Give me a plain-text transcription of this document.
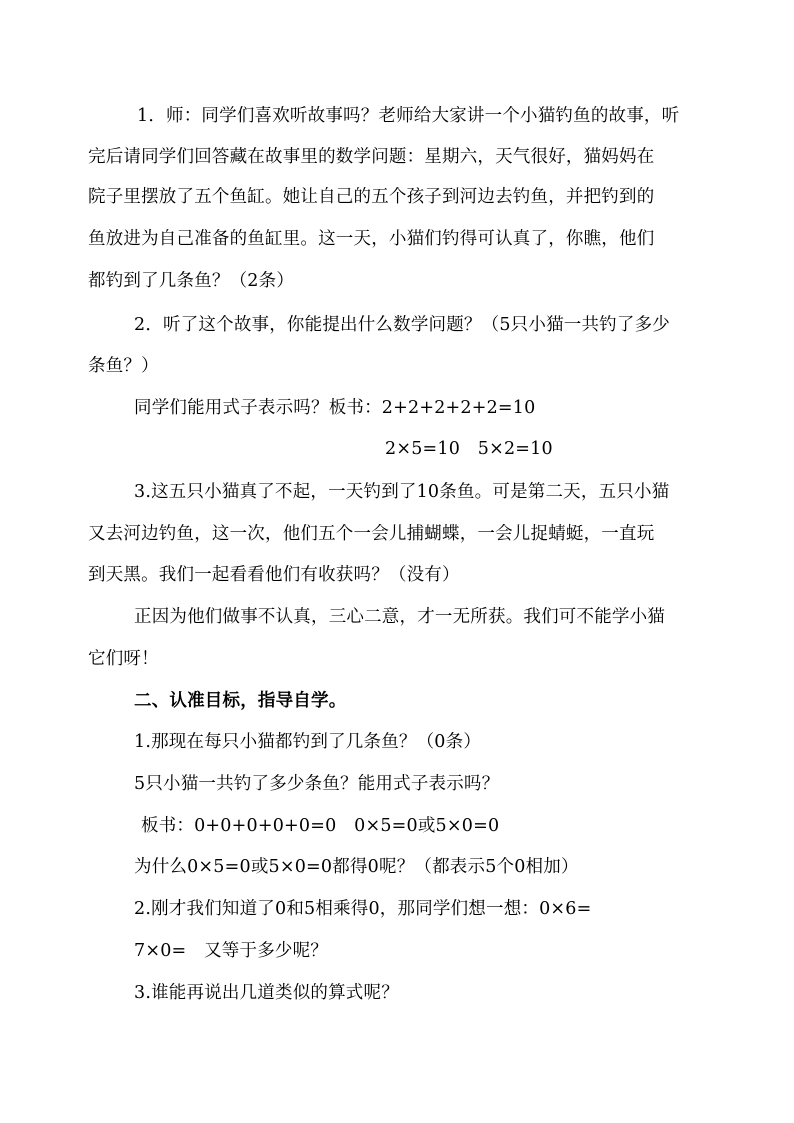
1．师：同学们喜欢听故事吗？老师给大家讲一个小猫钓鱼的故事，听
完后请同学们回答藏在故事里的数学问题：星期六，天气很好，猫妈妈在
院子里摆放了五个鱼缸。她让自己的五个孩子到河边去钓鱼，并把钓到的
鱼放进为自己准备的鱼缸里。这一天，小猫们钓得可认真了，你瞧，他们
都钓到了几条鱼？（2条）
2．听了这个故事，你能提出什么数学问题？（5只小猫一共钓了多少
条鱼？）
同学们能用式子表示吗？板书：2+2+2+2+2=10
2×5=10　5×2=10
3.这五只小猫真了不起，一天钓到了10条鱼。可是第二天，五只小猫
又去河边钓鱼，这一次，他们五个一会儿捕蝴蝶，一会儿捉蜻蜓，一直玩
到天黑。我们一起看看他们有收获吗？（没有）
正因为他们做事不认真，三心二意，才一无所获。我们可不能学小猫
它们呀！
二、认准目标，指导自学。
1.那现在每只小猫都钓到了几条鱼？（0条）
5只小猫一共钓了多少条鱼？能用式子表示吗？
板书：0+0+0+0+0=0　0×5=0或5×0=0
为什么0×5=0或5×0=0都得0呢？（都表示5个0相加）
2.刚才我们知道了0和5相乘得0，那同学们想一想：0×6=
7×0=　又等于多少呢？
3.谁能再说出几道类似的算式呢？
